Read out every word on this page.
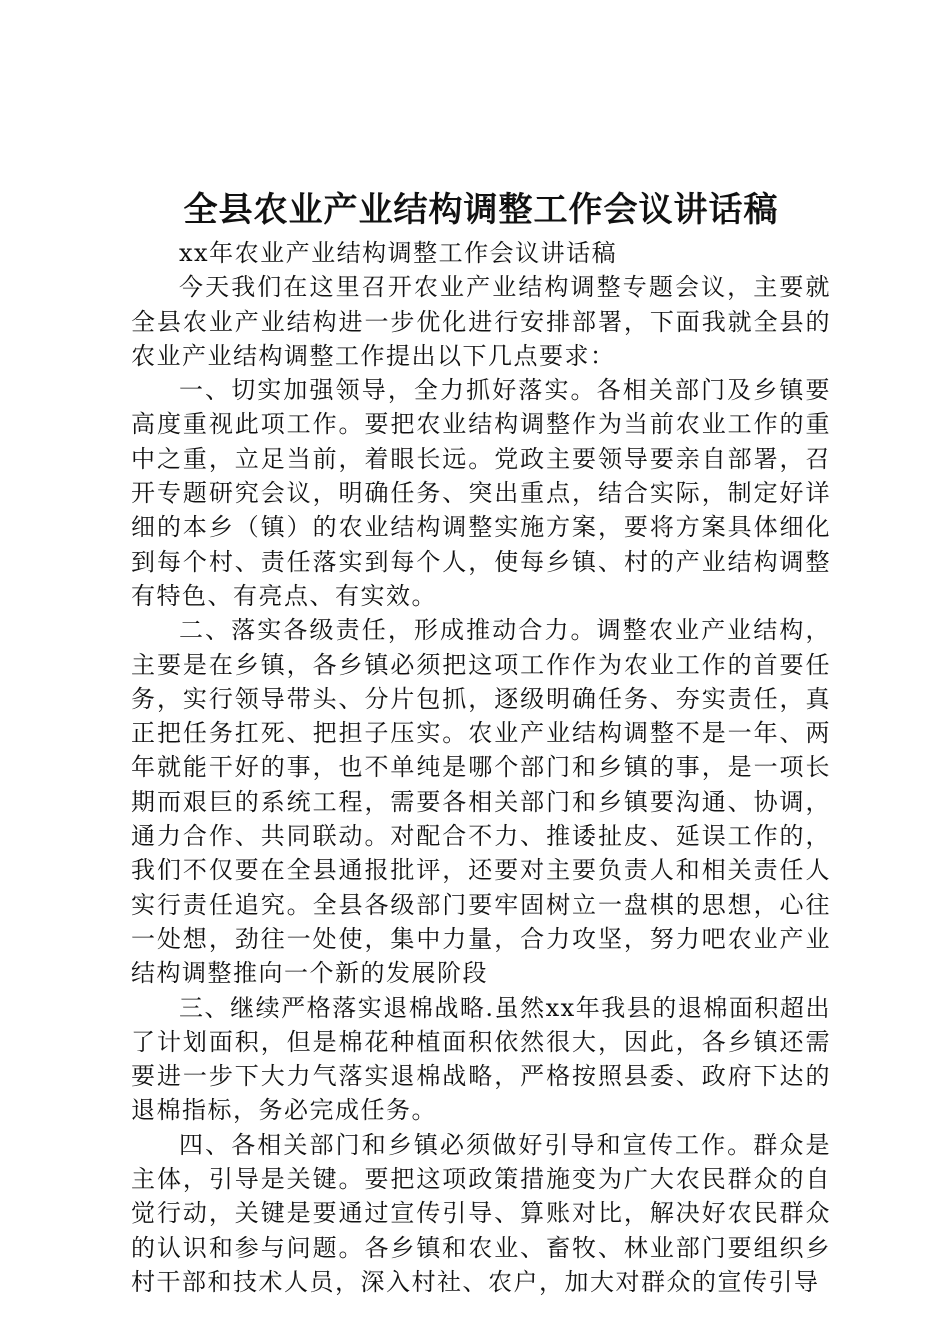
全县农业产业结构调整工作会议讲话稿

xx年农业产业结构调整工作会议讲话稿

今天我们在这里召开农业产业结构调整专题会议，主要就全县农业产业结构进一步优化进行安排部署，下面我就全县的农业产业结构调整工作提出以下几点要求：

一、切实加强领导，全力抓好落实。各相关部门及乡镇要高度重视此项工作。要把农业结构调整作为当前农业工作的重中之重，立足当前，着眼长远。党政主要领导要亲自部署，召开专题研究会议，明确任务、突出重点，结合实际，制定好详细的本乡（镇）的农业结构调整实施方案，要将方案具体细化到每个村、责任落实到每个人，使每乡镇、村的产业结构调整有特色、有亮点、有实效。

二、落实各级责任，形成推动合力。调整农业产业结构，主要是在乡镇，各乡镇必须把这项工作作为农业工作的首要任务，实行领导带头、分片包抓，逐级明确任务、夯实责任，真正把任务扛死、把担子压实。农业产业结构调整不是一年、两年就能干好的事，也不单纯是哪个部门和乡镇的事，是一项长期而艰巨的系统工程，需要各相关部门和乡镇要沟通、协调，通力合作、共同联动。对配合不力、推诿扯皮、延误工作的，我们不仅要在全县通报批评，还要对主要负责人和相关责任人实行责任追究。全县各级部门要牢固树立一盘棋的思想，心往一处想，劲往一处使，集中力量，合力攻坚，努力吧农业产业结构调整推向一个新的发展阶段

三、继续严格落实退棉战略.虽然xx年我县的退棉面积超出了计划面积，但是棉花种植面积依然很大，因此，各乡镇还需要进一步下大力气落实退棉战略，严格按照县委、政府下达的退棉指标，务必完成任务。

四、各相关部门和乡镇必须做好引导和宣传工作。群众是主体，引导是关键。要把这项政策措施变为广大农民群众的自觉行动，关键是要通过宣传引导、算账对比，解决好农民群众的认识和参与问题。各乡镇和农业、畜牧、林业部门要组织乡村干部和技术人员，深入村社、农户，加大对群众的宣传引导
